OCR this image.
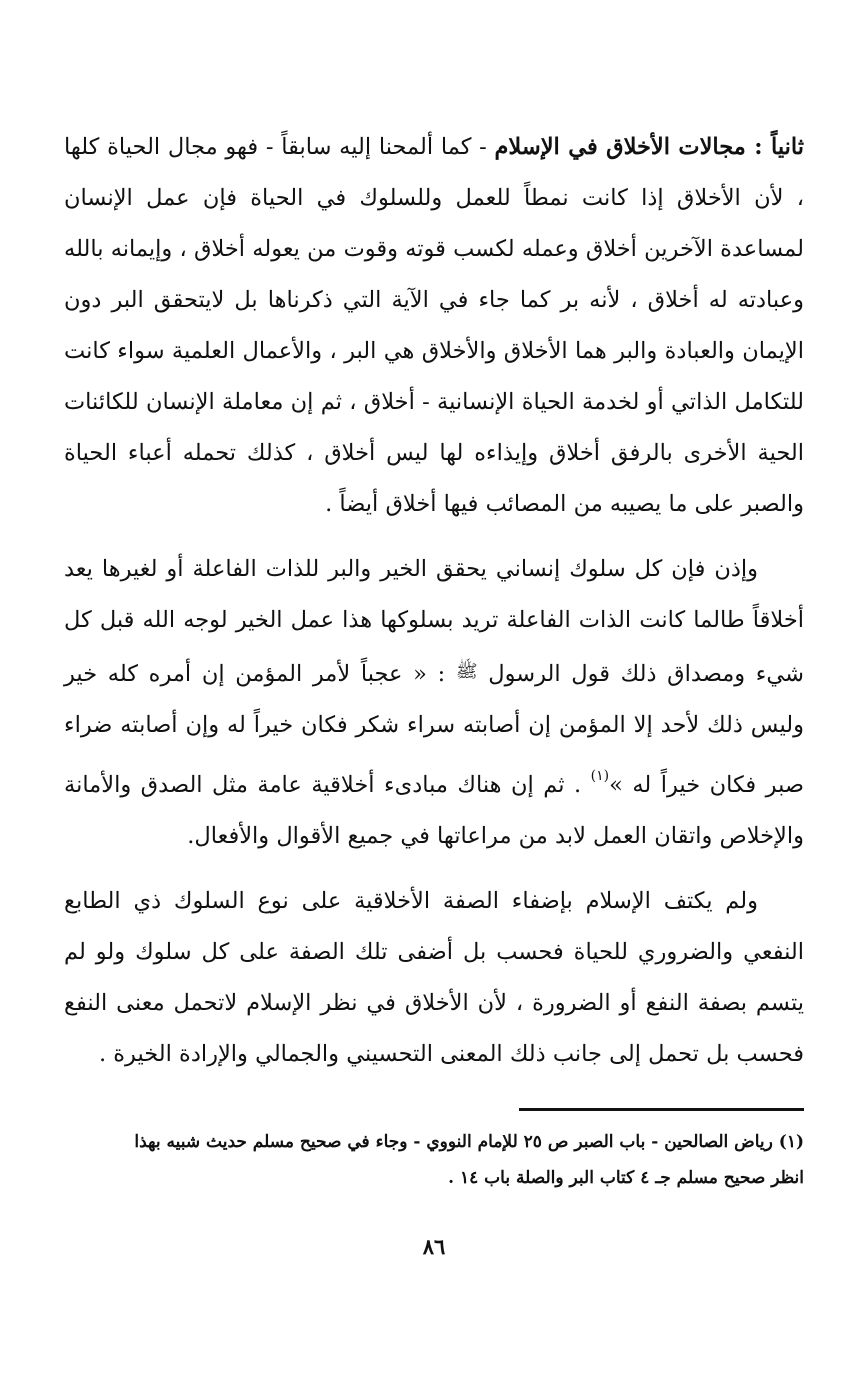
ثانياً : مجالات الأخلاق في الإسلام - كما ألمحنا إليه سابقاً - فهو مجال الحياة كلها ، لأن الأخلاق إذا كانت نمطاً للعمل وللسلوك في الحياة فإن عمل الإنسان لمساعدة الآخرين أخلاق وعمله لكسب قوته وقوت من يعوله أخلاق ، وإيمانه بالله وعبادته له أخلاق ، لأنه بر كما جاء في الآية التي ذكرناها بل لايتحقق البر دون الإيمان والعبادة والبر هما الأخلاق والأخلاق هي البر ، والأعمال العلمية سواء كانت للتكامل الذاتي أو لخدمة الحياة الإنسانية - أخلاق ، ثم إن معاملة الإنسان للكائنات الحية الأخرى بالرفق أخلاق وإيذاءه لها ليس أخلاق ، كذلك تحمله أعباء الحياة والصبر على ما يصيبه من المصائب فيها أخلاق أيضاً .

وإذن فإن كل سلوك إنساني يحقق الخير والبر للذات الفاعلة أو لغيرها يعد أخلاقاً طالما كانت الذات الفاعلة تريد بسلوكها هذا عمل الخير لوجه الله قبل كل شيء ومصداق ذلك قول الرسول ﷺ : « عجباً لأمر المؤمن إن أمره كله خير وليس ذلك لأحد إلا المؤمن إن أصابته سراء شكر فكان خيراً له وإن أصابته ضراء صبر فكان خيراً له »$^{(١)}$ . ثم إن هناك مبادىء أخلاقية عامة مثل الصدق والأمانة والإخلاص واتقان العمل لابد من مراعاتها في جميع الأقوال والأفعال.

ولم يكتف الإسلام بإضفاء الصفة الأخلاقية على نوع السلوك ذي الطابع النفعي والضروري للحياة فحسب بل أضفى تلك الصفة على كل سلوك ولو لم يتسم بصفة النفع أو الضرورة ، لأن الأخلاق في نظر الإسلام لاتحمل معنى النفع فحسب بل تحمل إلى جانب ذلك المعنى التحسيني والجمالي والإرادة الخيرة .

(١) رياض الصالحين - باب الصبر ص ٢٥ للإمام النووي - وجاء في صحيح مسلم حديث شبيه بهذا

انظر صحيح مسلم جـ ٤ كتاب البر والصلة باب ١٤ .

٨٦
